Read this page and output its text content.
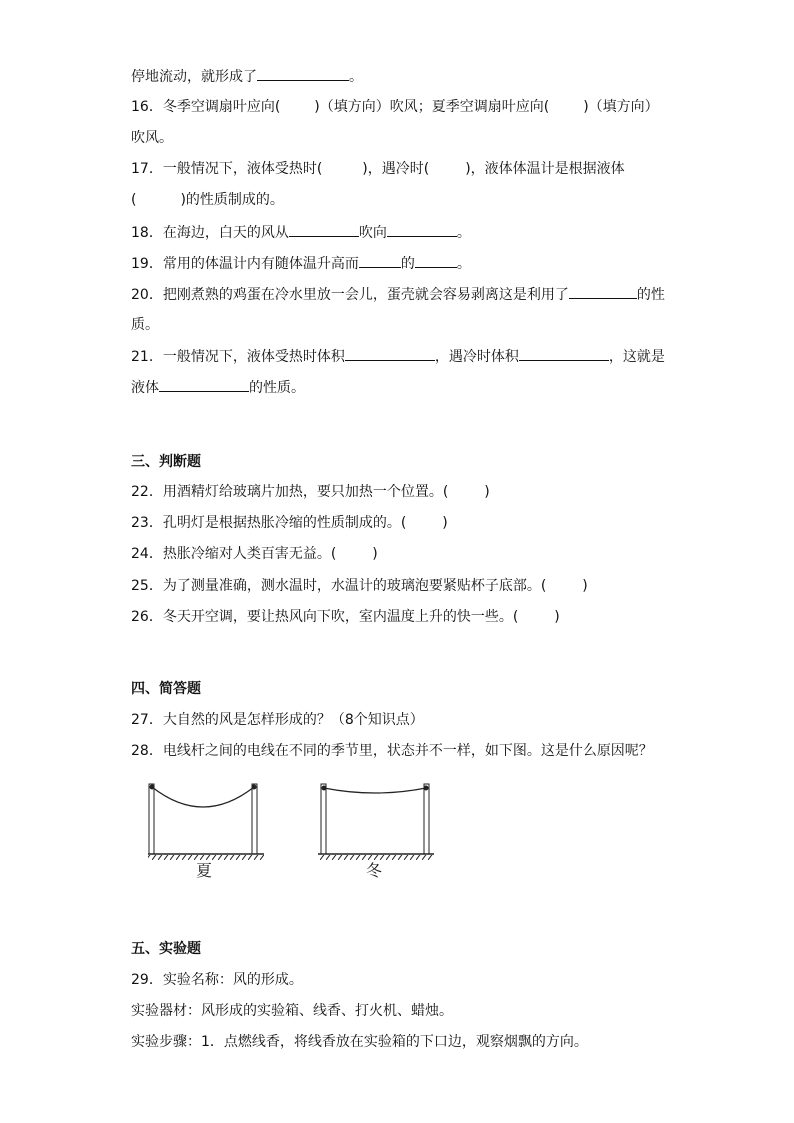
停地流动，就形成了	。
16．冬季空调扇叶应向( )（填方向）吹风；夏季空调扇叶应向( )（填方向）
吹风。
17．一般情况下，液体受热时(	)，遇冷时(	)，液体体温计是根据液体
(	)的性质制成的。
18．在海边，白天的风从	吹向	。
19．常用的体温计内有随体温升高而	的	。
20．把刚煮熟的鸡蛋在冷水里放一会儿，蛋壳就会容易剥离这是利用了	的性
质。
21．一般情况下，液体受热时体积	，遇冷时体积	，这就是
液体	的性质。
三、判断题
22．用酒精灯给玻璃片加热，要只加热一个位置。(	)
23．孔明灯是根据热胀冷缩的性质制成的。(	)
24．热胀冷缩对人类百害无益。(	)
25．为了测量准确，测水温时，水温计的玻璃泡要紧贴杯子底部。(	)
26．冬天开空调，要让热风向下吹，室内温度上升的快一些。(	)
四、简答题
27．大自然的风是怎样形成的？（8个知识点）
28．电线杆之间的电线在不同的季节里，状态并不一样，如下图。这是什么原因呢？
夏	冬
五、实验题
29．实验名称：风的形成。
实验器材：风形成的实验箱、线香、打火机、蜡烛。
实验步骤：1．点燃线香，将线香放在实验箱的下口边，观察烟飘的方向。
